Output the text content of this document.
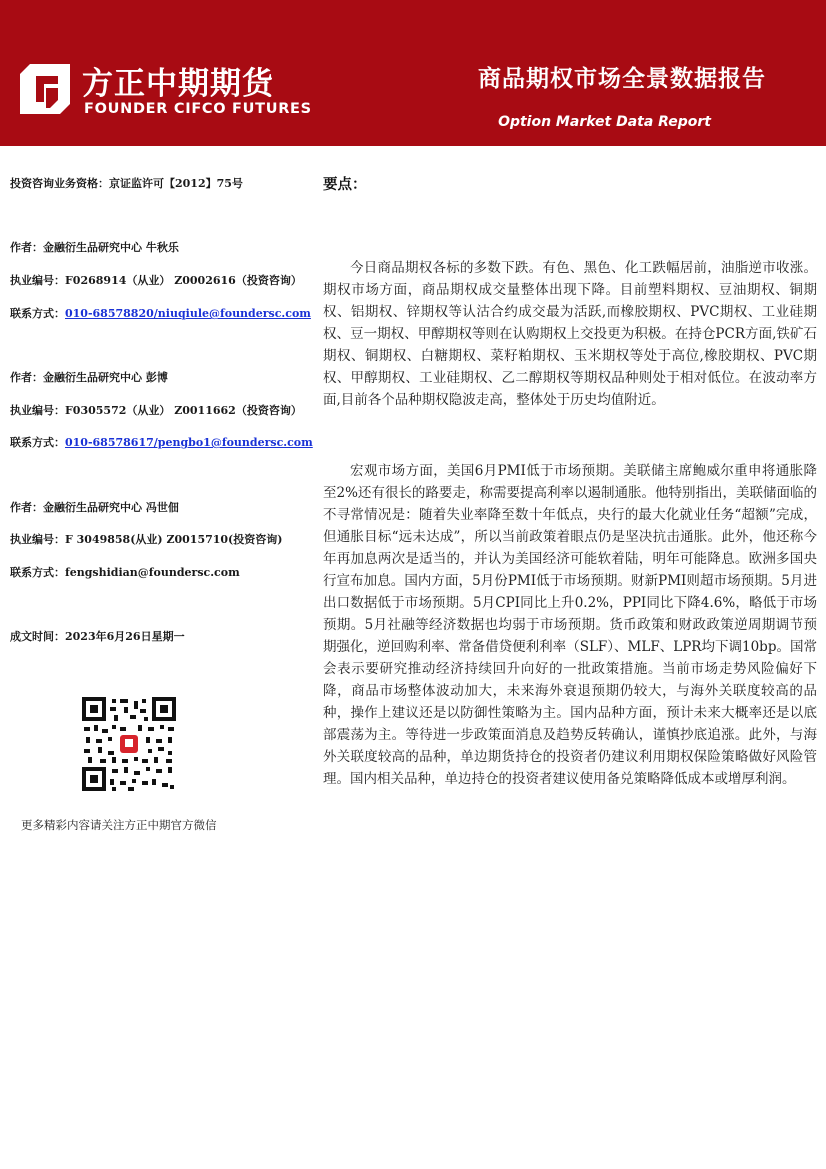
方正中期期货
FOUNDER CIFCO FUTURES
商品期权市场全景数据报告
Option Market Data Report
投资咨询业务资格：京证监许可【2012】75号
作者：金融衍生品研究中心 牛秋乐
执业编号：F0268914（从业） Z0002616（投资咨询）
联系方式：010-68578820/niuqiule@foundersc.com
作者：金融衍生品研究中心 彭博
执业编号：F0305572（从业） Z0011662（投资咨询）
联系方式：010-68578617/pengbo1@foundersc.com
作者：金融衍生品研究中心 冯世佃
执业编号：F 3049858(从业) Z0015710(投资咨询)
联系方式：fengshidian@foundersc.com
成文时间：2023年6月26日星期一
更多精彩内容请关注方正中期官方微信
要点：

今日商品期权各标的多数下跌。有色、黑色、化工跌幅居前，油脂逆市收涨。期权市场方面，商品期权成交量整体出现下降。目前塑料期权、豆油期权、铜期权、铝期权、锌期权等认沽合约成交最为活跃,而橡胶期权、PVC期权、工业硅期权、豆一期权、甲醇期权等则在认购期权上交投更为积极。在持仓PCR方面,铁矿石期权、铜期权、白糖期权、菜籽粕期权、玉米期权等处于高位,橡胶期权、PVC期权、甲醇期权、工业硅期权、乙二醇期权等期权品种则处于相对低位。在波动率方面,目前各个品种期权隐波走高，整体处于历史均值附近。

宏观市场方面，美国6月PMI低于市场预期。美联储主席鲍威尔重申将通胀降至2%还有很长的路要走，称需要提高利率以遏制通胀。他特别指出，美联储面临的不寻常情况是：随着失业率降至数十年低点，央行的最大化就业任务“超额”完成，但通胀目标“远未达成”，所以当前政策着眼点仍是坚决抗击通胀。此外，他还称今年再加息两次是适当的，并认为美国经济可能软着陆，明年可能降息。欧洲多国央行宣布加息。国内方面，5月份PMI低于市场预期。财新PMI则超市场预期。5月进出口数据低于市场预期。5月CPI同比上升0.2%，PPI同比下降4.6%，略低于市场预期。5月社融等经济数据也均弱于市场预期。货币政策和财政政策逆周期调节预期强化，逆回购利率、常备借贷便利利率（SLF）、MLF、LPR均下调10bp。国常会表示要研究推动经济持续回升向好的一批政策措施。当前市场走势风险偏好下降，商品市场整体波动加大，未来海外衰退预期仍较大，与海外关联度较高的品种，操作上建议还是以防御性策略为主。国内品种方面，预计未来大概率还是以底部震荡为主。等待进一步政策面消息及趋势反转确认，谨慎抄底追涨。此外，与海外关联度较高的品种，单边期货持仓的投资者仍建议利用期权保险策略做好风险管理。国内相关品种，单边持仓的投资者建议使用备兑策略降低成本或增厚利润。
